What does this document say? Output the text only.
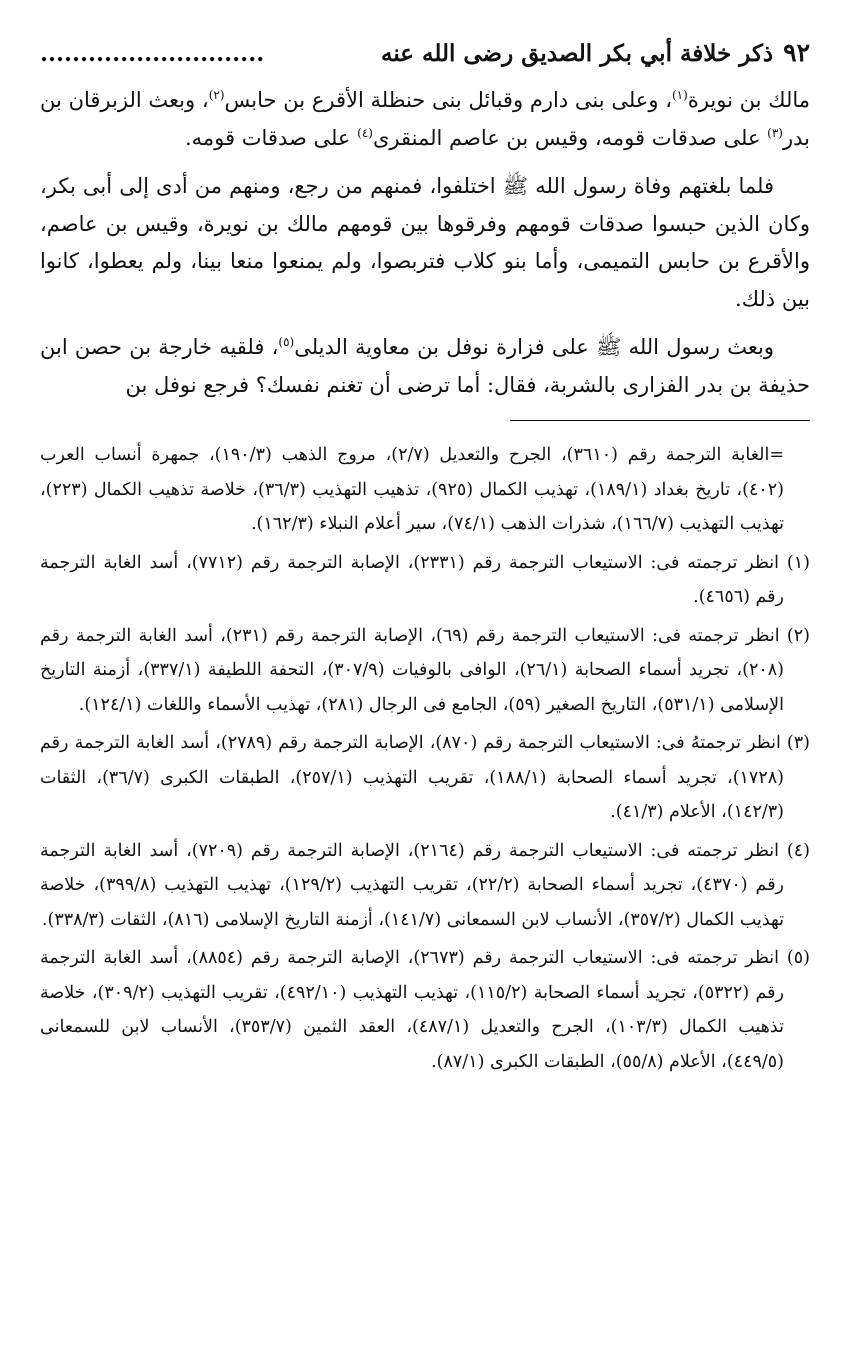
٩٢
ذكر خلافة أبي بكر الصديق رضى الله عنه
............................

مالك بن نويرة$^{(١)}$، وعلى بنى دارم وقبائل بنى حنظلة الأقرع بن حابس$^{(٢)}$، وبعث الزبرقان بن بدر$^{(٣)}$ على صدقات قومه، وقيس بن عاصم المنقرى$^{(٤)}$ على صدقات قومه.

فلما بلغتهم وفاة رسول الله ﷺ اختلفوا، فمنهم من رجع، ومنهم من أدى إلى أبى بكر، وكان الذين حبسوا صدقات قومهم وفرقوها بين قومهم مالك بن نويرة، وقيس بن عاصم، والأقرع بن حابس التميمى، وأما بنو كلاب فتربصوا، ولم يمنعوا منعا بينا، ولم يعطوا، كانوا بين ذلك.

وبعث رسول الله ﷺ على فزارة نوفل بن معاوية الديلى$^{(٥)}$، فلقيه خارجة بن حصن ابن حذيفة بن بدر الفزارى بالشربة، فقال: أما ترضى أن تغنم نفسك؟ فرجع نوفل بن

=الغابة الترجمة رقم (٣٦١٠)، الجرح والتعديل (٢/٧)، مروج الذهب (١٩٠/٣)، جمهرة أنساب العرب (٤٠٢)، تاريخ بغداد (١٨٩/١)، تهذيب الكمال (٩٢٥)، تذهيب التهذيب (٣٦/٣)، خلاصة تذهيب الكمال (٢٢٣)، تهذيب التهذيب (١٦٦/٧)، شذرات الذهب (٧٤/١)، سير أعلام النبلاء (١٦٢/٣).

(١) انظر ترجمته فى: الاستيعاب الترجمة رقم (٢٣٣١)، الإصابة الترجمة رقم (٧٧١٢)، أسد الغابة الترجمة رقم (٤٦٥٦).

(٢) انظر ترجمته فى: الاستيعاب الترجمة رقم (٦٩)، الإصابة الترجمة رقم (٢٣١)، أسد الغابة الترجمة رقم (٢٠٨)، تجريد أسماء الصحابة (٢٦/١)، الوافى بالوفيات (٣٠٧/٩)، التحفة اللطيفة (٣٣٧/١)، أزمنة التاريخ الإسلامى (٥٣١/١)، التاريخ الصغير (٥٩)، الجامع فى الرجال (٢٨١)، تهذيب الأسماء واللغات (١٢٤/١).

(٣) انظر ترجمتهُ فى: الاستيعاب الترجمة رقم (٨٧٠)، الإصابة الترجمة رقم (٢٧٨٩)، أسد الغابة الترجمة رقم (١٧٢٨)، تجريد أسماء الصحابة (١٨٨/١)، تقريب التهذيب (٢٥٧/١)، الطبقات الكبرى (٣٦/٧)، الثقات (١٤٢/٣)، الأعلام (٤١/٣).

(٤) انظر ترجمته فى: الاستيعاب الترجمة رقم (٢١٦٤)، الإصابة الترجمة رقم (٧٢٠٩)، أسد الغابة الترجمة رقم (٤٣٧٠)، تجريد أسماء الصحابة (٢٢/٢)، تقريب التهذيب (١٢٩/٢)، تهذيب التهذيب (٣٩٩/٨)، خلاصة تهذيب الكمال (٣٥٧/٢)، الأنساب لابن السمعانى (١٤١/٧)، أزمنة التاريخ الإسلامى (٨١٦)، الثقات (٣٣٨/٣).

(٥) انظر ترجمته فى: الاستيعاب الترجمة رقم (٢٦٧٣)، الإصابة الترجمة رقم (٨٨٥٤)، أسد الغابة الترجمة رقم (٥٣٢٢)، تجريد أسماء الصحابة (١١٥/٢)، تهذيب التهذيب (٤٩٢/١٠)، تقريب التهذيب (٣٠٩/٢)، خلاصة تذهيب الكمال (١٠٣/٣)، الجرح والتعديل (٤٨٧/١)، العقد الثمين (٣٥٣/٧)، الأنساب لابن للسمعانى (٤٤٩/٥)، الأعلام (٥٥/٨)، الطبقات الكبرى (٨٧/١).
